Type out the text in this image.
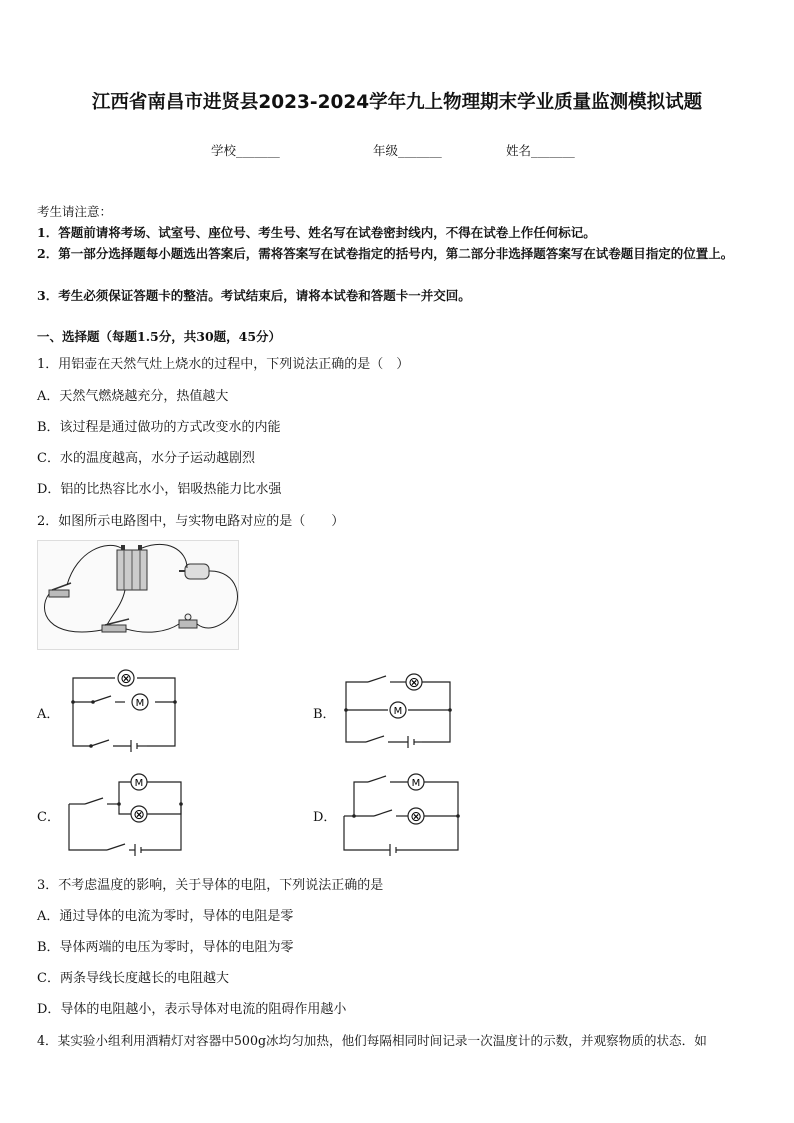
江西省南昌市进贤县2023-2024学年九上物理期末学业质量监测模拟试题
学校_______	年级_______	姓名_______
考生请注意：
1．答题前请将考场、试室号、座位号、考生号、姓名写在试卷密封线内，不得在试卷上作任何标记。
2．第一部分选择题每小题选出答案后，需将答案写在试卷指定的括号内，第二部分非选择题答案写在试卷题目指定的位置上。
3．考生必须保证答题卡的整洁。考试结束后，请将本试卷和答题卡一并交回。
一、选择题（每题1.5分，共30题，45分）
1．用铝壶在天然气灶上烧水的过程中，下列说法正确的是（　）
A．天然气燃烧越充分，热值越大
B．该过程是通过做功的方式改变水的内能
C．水的温度越高，水分子运动越剧烈
D．铝的比热容比水小，铝吸热能力比水强
2．如图所示电路图中，与实物电路对应的是（　　）
A．
⊗
M
B．
⊗
M
C．
M
⊗	D．
M
⊗
3．不考虑温度的影响，关于导体的电阻，下列说法正确的是
A．通过导体的电流为零时，导体的电阻是零
B．导体两端的电压为零时，导体的电阻为零
C．两条导线长度越长的电阻越大
D．导体的电阻越小，表示导体对电流的阻碍作用越小
4．某实验小组利用酒精灯对容器中500g冰均匀加热，他们每隔相同时间记录一次温度计的示数，并观察物质的状态．如
